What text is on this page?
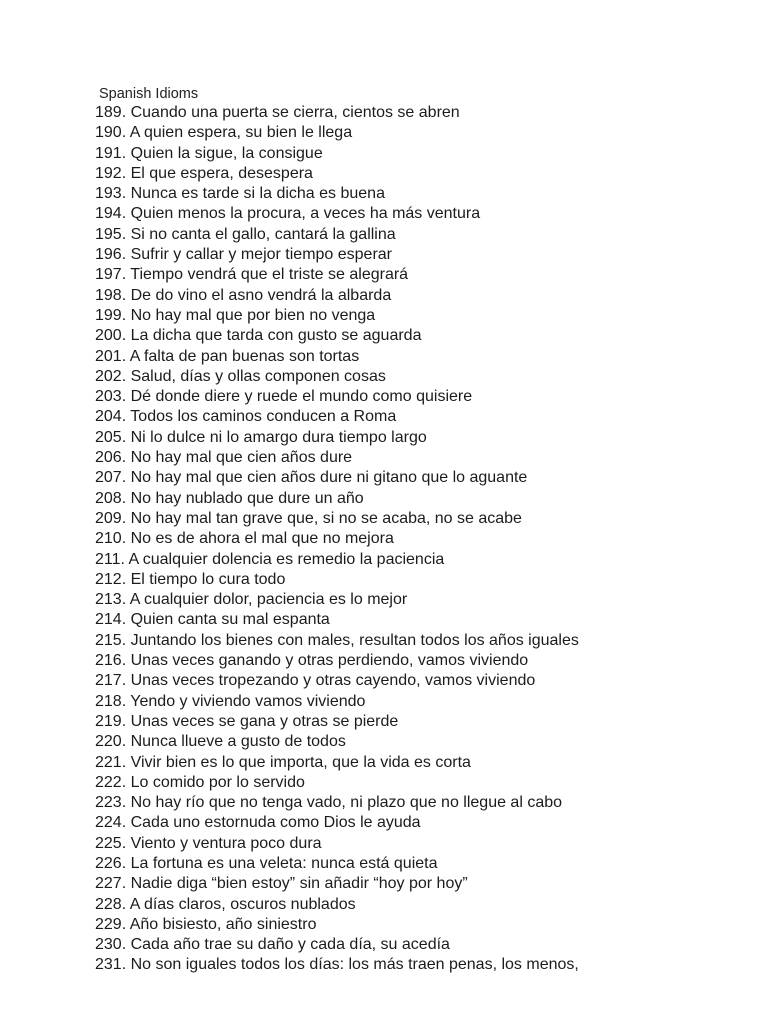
Spanish Idioms
189. Cuando una puerta se cierra, cientos se abren
190. A quien espera, su bien le llega
191. Quien la sigue, la consigue
192. El que espera, desespera
193. Nunca es tarde si la dicha es buena
194. Quien menos la procura, a veces ha más ventura
195. Si no canta el gallo, cantará la gallina
196. Sufrir y callar y mejor tiempo esperar
197. Tiempo vendrá que el triste se alegrará
198. De do vino el asno vendrá la albarda
199. No hay mal que por bien no venga
200. La dicha que tarda con gusto se aguarda
201. A falta de pan buenas son tortas
202. Salud, días y ollas componen cosas
203. Dé donde diere y ruede el mundo como quisiere
204. Todos los caminos conducen a Roma
205. Ni lo dulce ni lo amargo dura tiempo largo
206. No hay mal que cien años dure
207. No hay mal que cien años dure ni gitano que lo aguante
208. No hay nublado que dure un año
209. No hay mal tan grave que, si no se acaba, no se acabe
210. No es de ahora el mal que no mejora
211. A cualquier dolencia es remedio la paciencia
212. El tiempo lo cura todo
213. A cualquier dolor, paciencia es lo mejor
214. Quien canta su mal espanta
215. Juntando los bienes con males, resultan todos los años iguales
216. Unas veces ganando y otras perdiendo, vamos viviendo
217. Unas veces tropezando y otras cayendo, vamos viviendo
218. Yendo y viviendo vamos viviendo
219. Unas veces se gana y otras se pierde
220. Nunca llueve a gusto de todos
221. Vivir bien es lo que importa, que la vida es corta
222. Lo comido por lo servido
223. No hay río que no tenga vado, ni plazo que no llegue al cabo
224. Cada uno estornuda como Dios le ayuda
225. Viento y ventura poco dura
226. La fortuna es una veleta: nunca está quieta
227. Nadie diga “bien estoy” sin añadir “hoy por hoy”
228. A días claros, oscuros nublados
229. Año bisiesto, año siniestro
230. Cada año trae su daño y cada día, su acedía
231. No son iguales todos los días: los más traen penas, los menos,
